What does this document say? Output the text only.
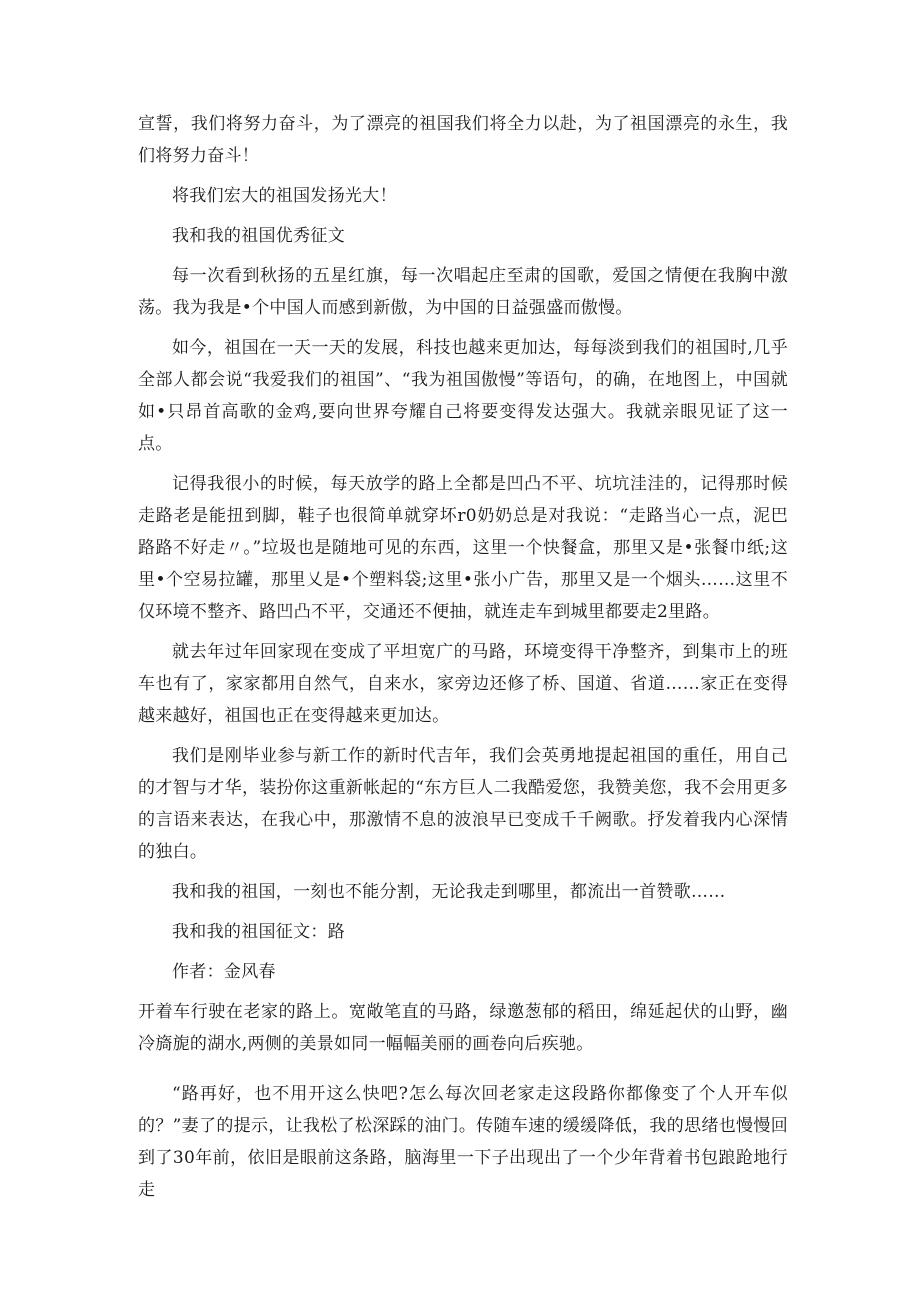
宣誓，我们将努力奋斗，为了漂亮的祖国我们将全力以赴，为了祖国漂亮的永生，我们将努力奋斗！

将我们宏大的祖国发扬光大！

我和我的祖国优秀征文

每一次看到秋扬的五星红旗，每一次唱起庄至肃的国歌，爱国之情便在我胸中激荡。我为我是•个中国人而感到新傲，为中国的日益强盛而傲慢。

如今，祖国在一天一天的发展，科技也越来更加达，每每淡到我们的祖国时,几乎全部人都会说“我爱我们的祖国”、“我为祖国傲慢”等语句，的确，在地图上，中国就如•只昂首高歌的金鸡,要向世界夸耀自己将要变得发达强大。我就亲眼见证了这一点。

记得我很小的时候，每天放学的路上全都是凹凸不平、坑坑洼洼的，记得那时候走路老是能扭到脚，鞋子也很简单就穿坏r0奶奶总是对我说：“走路当心一点，泥巴路路不好走〃。”垃圾也是随地可见的东西，这里一个快餐盒，那里又是•张餐巾纸;这里•个空易拉罐，那里乂是•个塑料袋;这里•张小广告，那里又是一个烟头……这里不仅环境不整齐、路凹凸不平，交通还不便抽，就连走车到城里都要走2里路。

就去年过年回家现在变成了平坦宽广的马路，环境变得干净整齐，到集市上的班车也有了，家家都用自然气，自来水，家旁边还修了桥、国道、省道……家正在变得越来越好，祖国也正在变得越来更加达。

我们是刚毕业参与新工作的新时代吉年，我们会英勇地提起祖国的重任，用自己的才智与才华，装扮你这重新帐起的“东方巨人二我酷爱您，我赞美您，我不会用更多的言语来表达，在我心中，那激情不息的波浪早已变成千千阙歌。抒发着我内心深情的独白。

我和我的祖国，一刻也不能分割，无论我走到哪里，都流出一首赞歌……

我和我的祖国征文：路

作者：金风春

开着车行驶在老家的路上。宽敞笔直的马路，绿邀葱郁的稻田，绵延起伏的山野，幽冷旖旎的湖水,两侧的美景如同一幅幅美丽的画卷向后疾驰。

“路再好，也不用开这么快吧?怎么每次回老家走这段路你都像变了个人开车似的？”妻了的提示，让我松了松深踩的油门。传随车速的缓缓降低，我的思绪也慢慢回到了30年前，依旧是眼前这条路，脑海里一下子出现出了一个少年背着书包踉跄地行走
